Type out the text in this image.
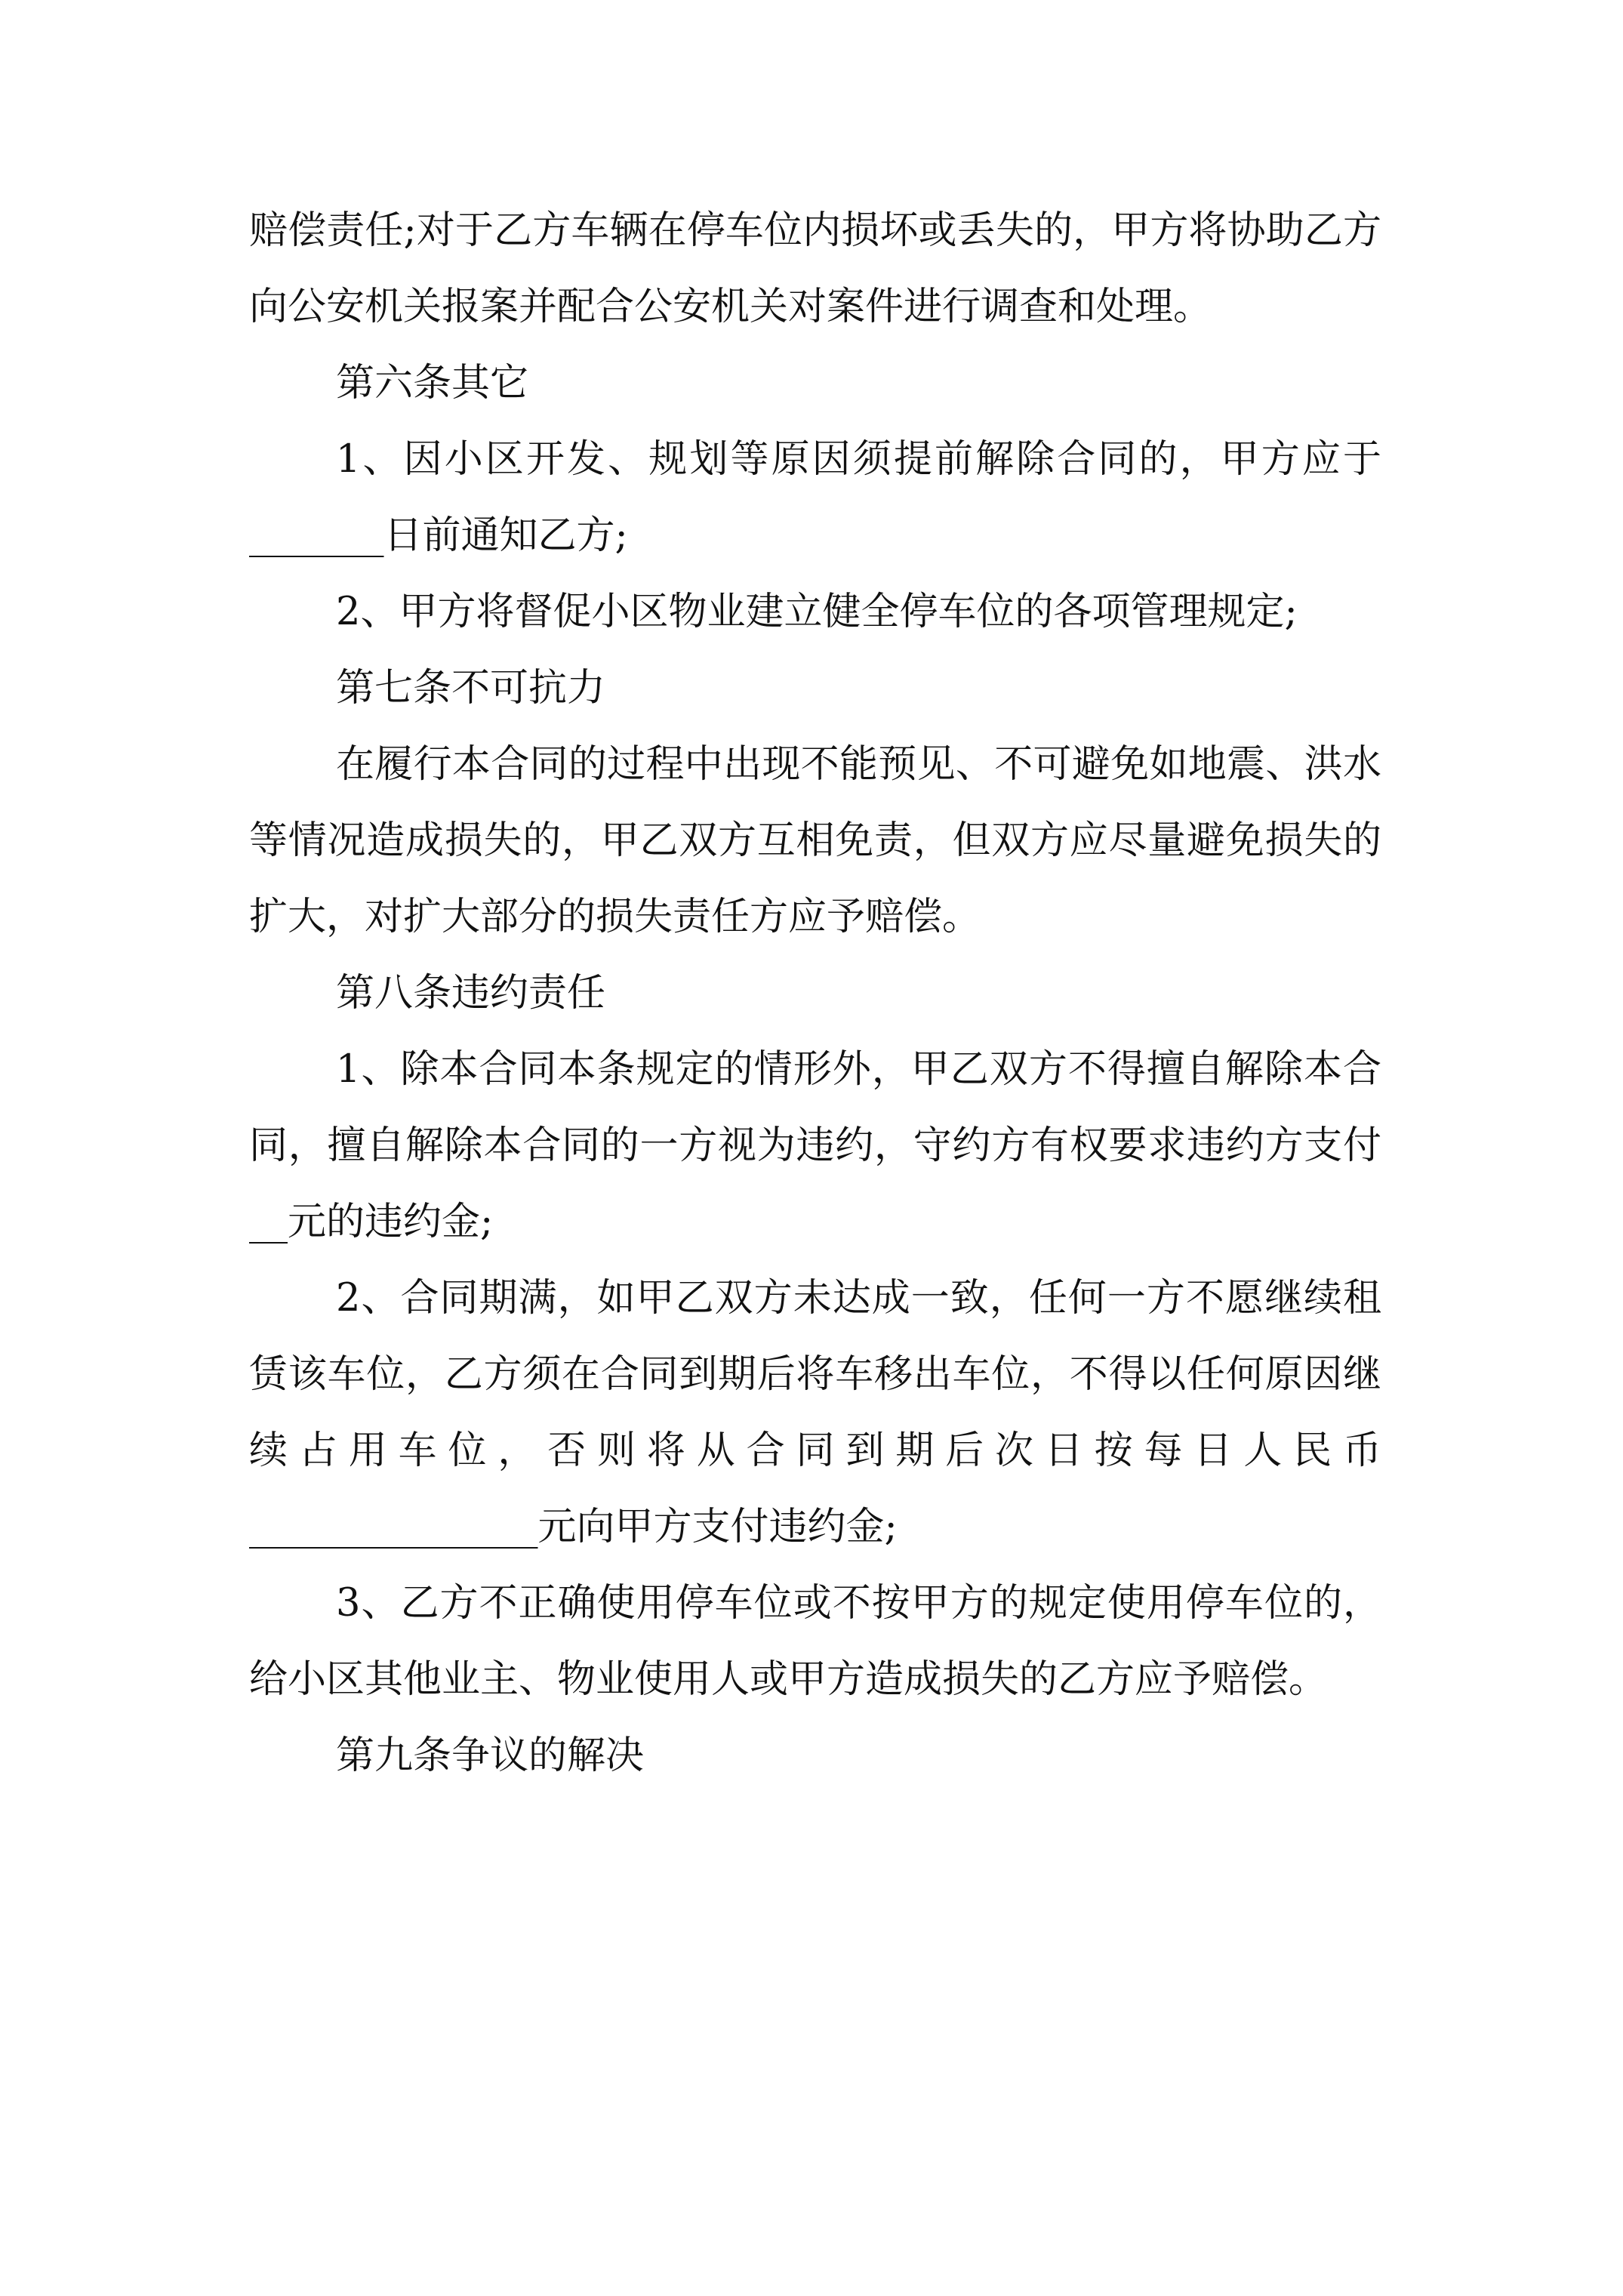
赔偿责任;对于乙方车辆在停车位内损坏或丢失的，甲方将协助乙方向公安机关报案并配合公安机关对案件进行调查和处理。

第六条其它

1、因小区开发、规划等原因须提前解除合同的，甲方应于_______日前通知乙方;

2、甲方将督促小区物业建立健全停车位的各项管理规定;

第七条不可抗力

在履行本合同的过程中出现不能预见、不可避免如地震、洪水等情况造成损失的，甲乙双方互相免责，但双方应尽量避免损失的扩大，对扩大部分的损失责任方应予赔偿。

第八条违约责任

1、除本合同本条规定的情形外，甲乙双方不得擅自解除本合同，擅自解除本合同的一方视为违约，守约方有权要求违约方支付__元的违约金;

2、合同期满，如甲乙双方未达成一致，任何一方不愿继续租赁该车位，乙方须在合同到期后将车移出车位，不得以任何原因继续占用车位，否则将从合同到期后次日按每日人民币_______________元向甲方支付违约金;

3、乙方不正确使用停车位或不按甲方的规定使用停车位的，给小区其他业主、物业使用人或甲方造成损失的乙方应予赔偿。

第九条争议的解决
